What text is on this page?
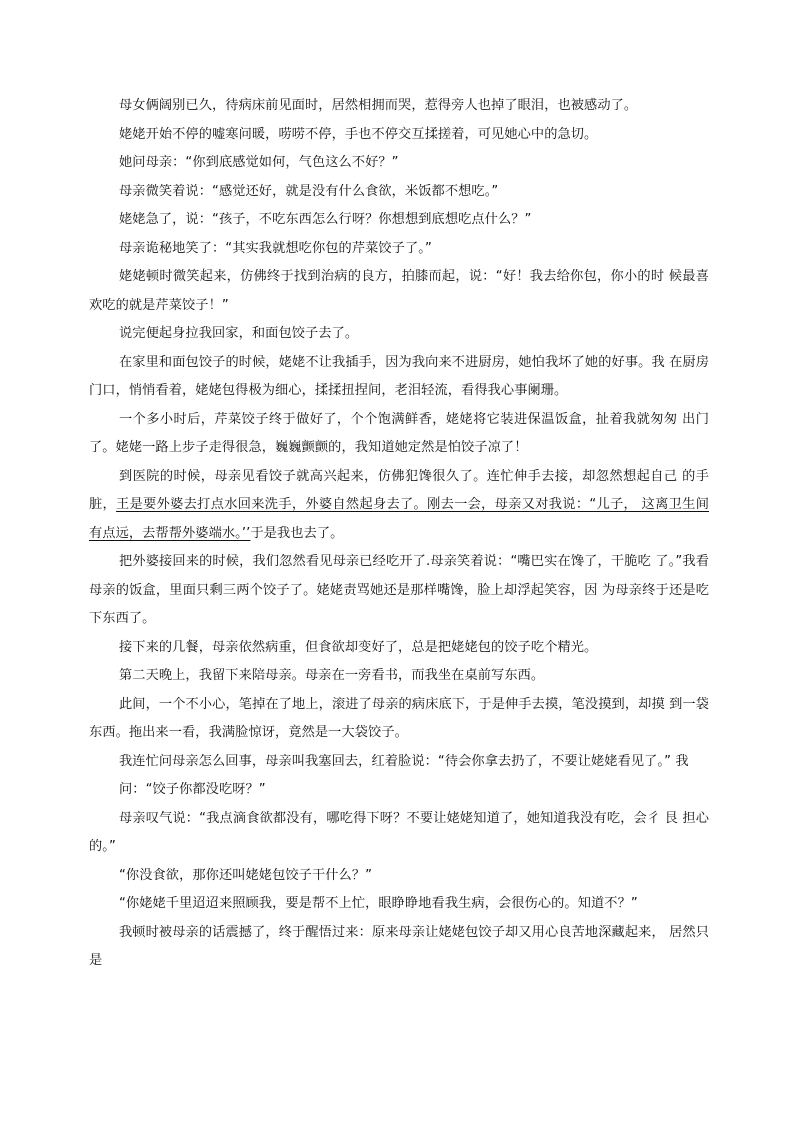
母女俩阔别已久，待病床前见面时，居然相拥而哭，惹得旁人也掉了眼泪，也被感动了。

姥姥开始不停的嘘寒问暖，唠唠不停，手也不停交互揉搓着，可见她心中的急切。

她问母亲：“你到底感觉如何，气色这么不好？”

母亲微笑着说：“感觉还好，就是没有什么食欲，米饭都不想吃。”

姥姥急了，说：“孩子，不吃东西怎么行呀？你想想到底想吃点什么？”

母亲诡秘地笑了：“其实我就想吃你包的芹菜饺子了。”

姥姥顿时微笑起来，仿佛终于找到治病的良方，拍膝而起，说：“好！我去给你包，你小的时 候最喜欢吃的就是芹菜饺子！”

说完便起身拉我回家，和面包饺子去了。

在家里和面包饺子的时候，姥姥不让我插手，因为我向来不进厨房，她怕我坏了她的好事。我 在厨房门口，悄悄看着，姥姥包得极为细心，揉揉扭捏间，老泪轻流，看得我心事阑珊。

一个多小时后，芹菜饺子终于做好了，个个饱满鲜香，姥姥将它装进保温饭盒，扯着我就匆匆 出门了。姥姥一路上步子走得很急，巍巍颤颤的，我知道她定然是怕饺子凉了！

到医院的时候，母亲见看饺子就高兴起来，仿佛犯馋很久了。连忙伸手去接，却忽然想起自己 的手脏，王是要外婆去打点水回来洗手，外婆自然起身去了。刚去一会，母亲又对我说：“儿子， 这离卫生间有点远，去帮帮外婆端水。’’于是我也去了。

把外婆接回来的时候，我们忽然看见母亲已经吃开了.母亲笑着说：“嘴巴实在馋了，干脆吃 了。”我看母亲的饭盒，里面只剩三两个饺子了。姥姥责骂她还是那样嘴馋，脸上却浮起笑容，因 为母亲终于还是吃下东西了。

接下来的几餐，母亲依然病重，但食欲却变好了，总是把姥姥包的饺子吃个精光。

第二天晚上，我留下来陪母亲。母亲在一旁看书，而我坐在桌前写东西。

此间，一个不小心，笔掉在了地上，滚进了母亲的病床底下，于是伸手去摸，笔没摸到，却摸 到一袋东西。拖出来一看，我满脸惊讶，竟然是一大袋饺子。

我连忙问母亲怎么回事，母亲叫我塞回去，红着脸说：“待会你拿去扔了，不要让姥姥看见了。” 我

问：“饺子你都没吃呀？”

母亲叹气说：“我点滴食欲都没有，哪吃得下呀？不要让姥姥知道了，她知道我没有吃，会彳 艮 担心的。”

“你没食欲，那你还叫姥姥包饺子干什么？”

“你姥姥千里迢迢来照顾我，要是帮不上忙，眼睁睁地看我生病，会很伤心的。知道不？”

我顿时被母亲的话震撼了，终于醒悟过来：原来母亲让姥姥包饺子却又用心良苦地深藏起来， 居然只是
